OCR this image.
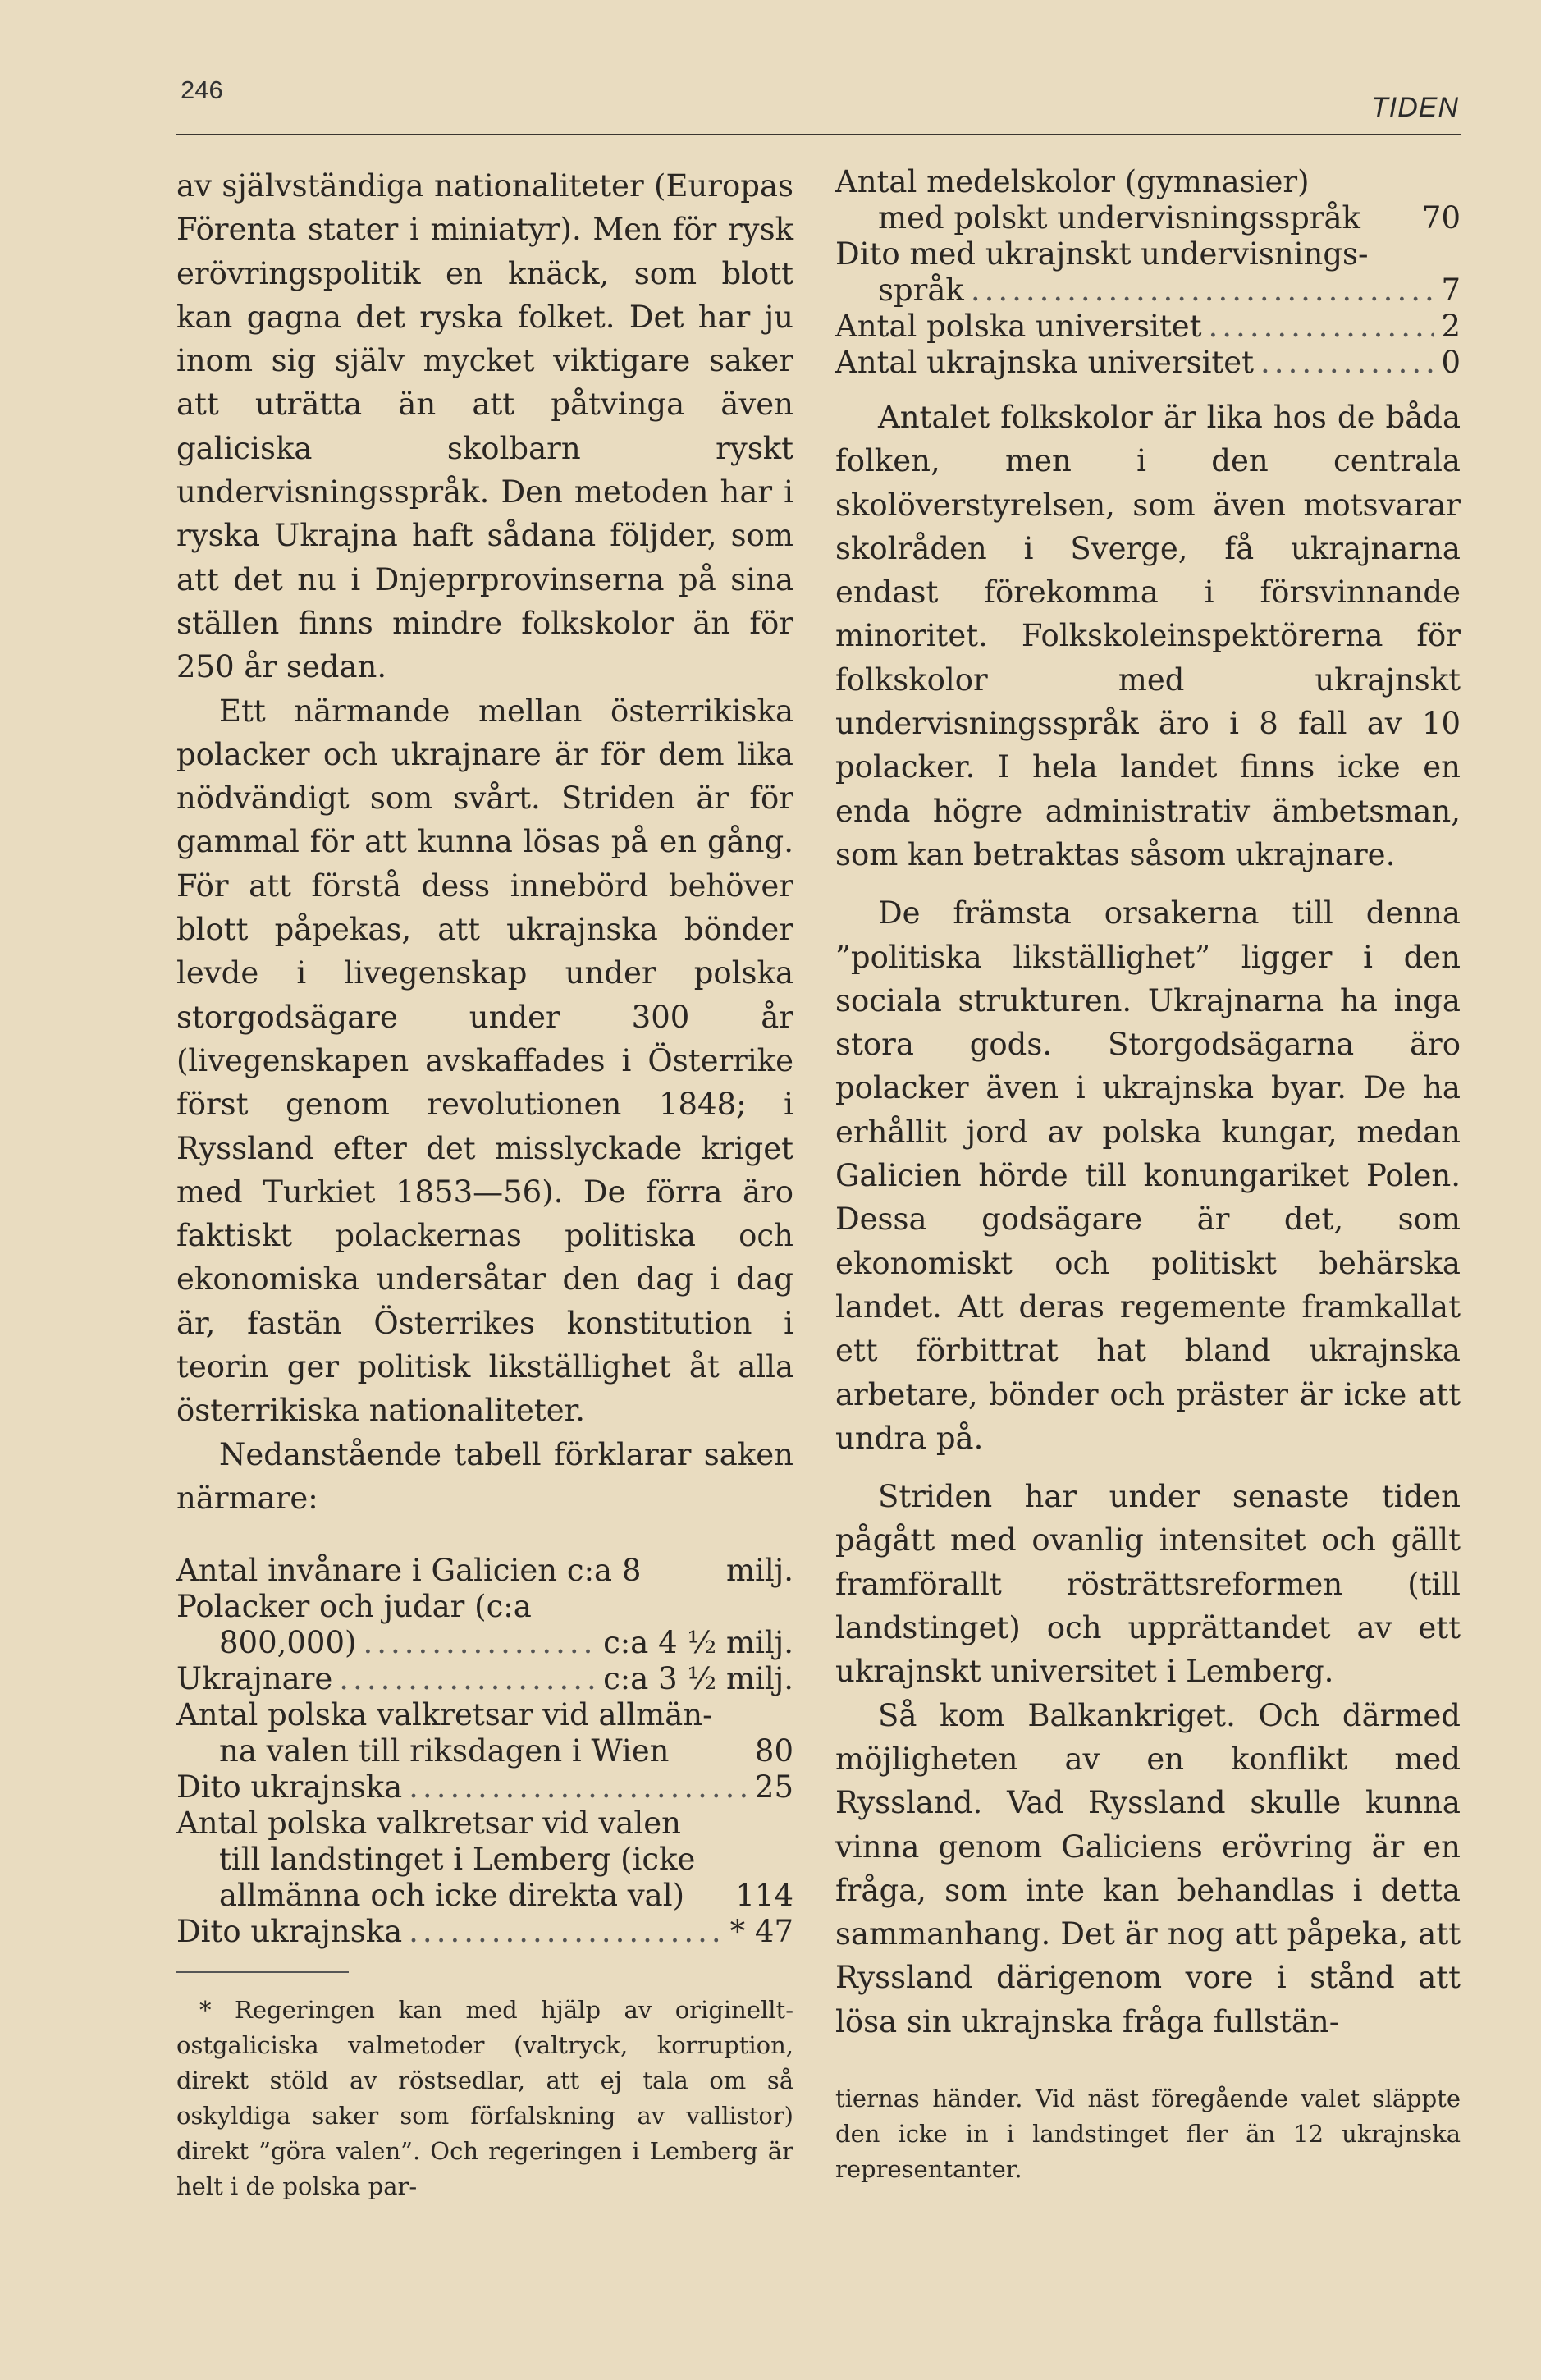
246
TIDEN

av självständiga nationaliteter (Europas Förenta stater i miniatyr). Men för rysk erövringspolitik en knäck, som blott kan gagna det ryska folket. Det har ju inom sig själv mycket viktigare saker att uträtta än att påtvinga även galiciska skolbarn ryskt undervisningsspråk. Den metoden har i ryska Ukrajna haft sådana följder, som att det nu i Dnjeprprovinserna på sina ställen finns mindre folkskolor än för 250 år sedan.

Ett närmande mellan österrikiska polacker och ukrajnare är för dem lika nödvändigt som svårt. Striden är för gammal för att kunna lösas på en gång. För att förstå dess innebörd behöver blott påpekas, att ukrajnska bönder levde i livegenskap under polska storgodsägare under 300 år (livegenskapen avskaffades i Österrike först genom revolutionen 1848; i Ryssland efter det misslyckade kriget med Turkiet 1853—56). De förra äro faktiskt polackernas politiska och ekonomiska undersåtar den dag i dag är, fastän Österrikes konstitution i teorin ger politisk likställighet åt alla österrikiska nationaliteter.

Nedanstående tabell förklarar saken närmare:

Antal invånare i Galicien c:a 8	milj.
Polacker och judar (c:a
800,000) .....	c:a 4 ½ milj.
Ukrajnare .....	c:a 3 ½ milj.
Antal polska valkretsar vid allmän-
na valen till riksdagen i Wien	80
Dito ukrajnska .....	25
Antal polska valkretsar vid valen
till landstinget i Lemberg (icke
allmänna och icke direkta val) 114
Dito ukrajnska .....	* 47

* Regeringen kan med hjälp av originellt-ostgaliciska valmetoder (valtryck, korruption, direkt stöld av röstsedlar, att ej tala om så oskyldiga saker som förfalskning av vallistor) direkt ”göra valen”. Och regeringen i Lemberg är helt i de polska par-

Antal medelskolor (gymnasier)
med polskt undervisningsspråk 70
Dito med ukrajnskt undervisnings-
språk .....	7
Antal polska universitet .....	2
Antal ukrajnska universitet .....	0

Antalet folkskolor är lika hos de båda folken, men i den centrala skolöverstyrelsen, som även motsvarar skolråden i Sverge, få ukrajnarna endast förekomma i försvinnande minoritet. Folkskoleinspektörerna för folkskolor med ukrajnskt undervisningsspråk äro i 8 fall av 10 polacker. I hela landet finns icke en enda högre administrativ ämbetsman, som kan betraktas såsom ukrajnare.

De främsta orsakerna till denna ”politiska likställighet” ligger i den sociala strukturen. Ukrajnarna ha inga stora gods. Storgodsägarna äro polacker även i ukrajnska byar. De ha erhållit jord av polska kungar, medan Galicien hörde till konungariket Polen. Dessa godsägare är det, som ekonomiskt och politiskt behärska landet. Att deras regemente framkallat ett förbittrat hat bland ukrajnska arbetare, bönder och präster är icke att undra på.

Striden har under senaste tiden pågått med ovanlig intensitet och gällt framförallt rösträttsreformen (till landstinget) och upprättandet av ett ukrajnskt universitet i Lemberg.

Så kom Balkankriget. Och därmed möjligheten av en konflikt med Ryssland. Vad Ryssland skulle kunna vinna genom Galiciens erövring är en fråga, som inte kan behandlas i detta sammanhang. Det är nog att påpeka, att Ryssland därigenom vore i stånd att lösa sin ukrajnska fråga fullstän-

tiernas händer. Vid näst föregående valet släppte den icke in i landstinget fler än 12 ukrajnska representanter.
